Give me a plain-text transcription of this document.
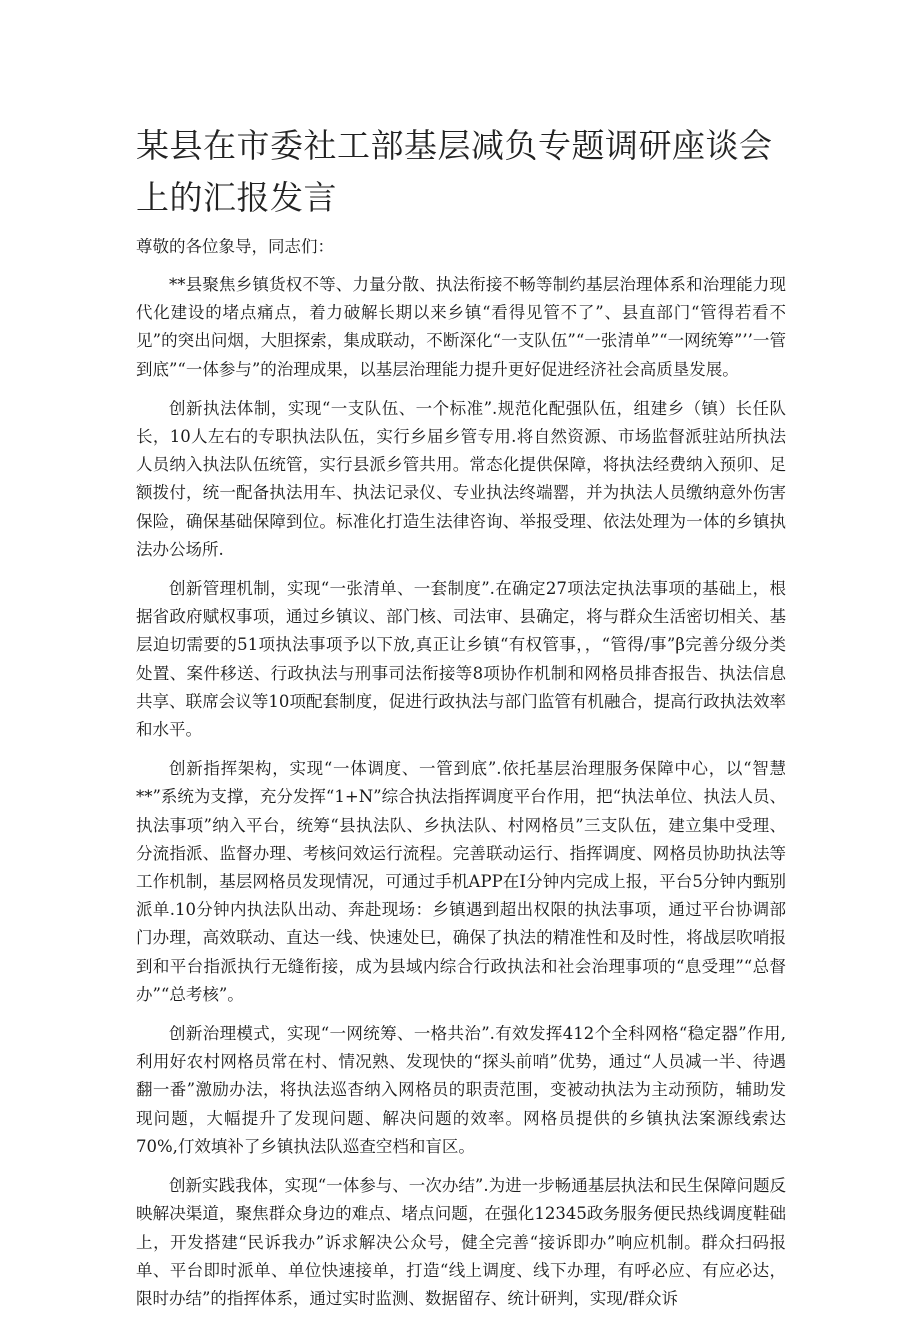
某县在市委社工部基层减负专题调研座谈会上的汇报发言

尊敬的各位象导，同志们：

**县聚焦乡镇货权不等、力量分散、执法衔接不畅等制约基层治理体系和治理能力现代化建设的堵点痛点，着力破解长期以来乡镇“看得见管不了”、县直部门“管得若看不见”的突出问烟，大胆探索，集成联动，不断深化“一支队伍”“一张清单”“一网统筹”’’一管到底”“一体参与”的治理成果，以基层治理能力提升更好促进经济社会高质垦发展。

创新执法体制，实现“一支队伍、一个标准”.规范化配强队伍，组建乡（镇）长任队长，10人左右的专职执法队伍，实行乡届乡管专用.将自然资源、市场监督派驻站所执法人员纳入执法队伍统管，实行县派乡管共用。常态化提供保障，将执法经费纳入预卯、足额拨付，统一配备执法用车、执法记录仪、专业执法终端罂，并为执法人员缴纳意外伤害保险，确保基础保障到位。标准化打造生法律咨询、举报受理、依法处理为一体的乡镇执法办公场所.

创新管理机制，实现“一张清单、一套制度”.在确定27项法定执法事项的基础上，根据省政府赋权事项，通过乡镇议、部门核、司法审、县确定，将与群众生活密切相关、基层迫切需要的51项执法事项予以下放,真正让乡镇“有权管事，，“管得/事”β完善分级分类处置、案件移送、行政执法与刑事司法衔接等8项协作机制和网格员排杳报告、执法信息共享、联席会议等10项配套制度，促进行政执法与部门监管有机融合，提高行政执法效率和水平。

创新指挥架构，实现“一体调度、一管到底”.依托基层治理服务保障中心，以“智慧**”系统为支撑，充分发挥“1+N”综合执法指挥调度平台作用，把“执法单位、执法人员、执法事项”纳入平台，统筹“县执法队、乡执法队、村网格员”三支队伍，建立集中受理、分流指派、监督办理、考核问效运行流程。完善联动运行、指挥调度、网格员协助执法等工作机制，基层网格员发现情况，可通过手机APP在I分钟内完成上报，平台5分钟内甄别派单.10分钟内执法队出动、奔赴现场：乡镇遇到超出权限的执法事项，通过平台协调部门办理，高效联动、直达一线、快速处巳，确保了执法的精准性和及时性，将战层吹哨报到和平台指派执行无缝衔接，成为县域内综合行政执法和社会治理事项的“息受理”“总督办”“总考核”。

创新治理模式，实现“一网统筹、一格共治”.有效发挥412个全科网格“稳定器”作用,利用好农村网格员常在村、情况熟、发现快的“探头前哨”优势，通过“人员减一半、待遇翻一番”激励办法，将执法巡杳纳入网格员的职责范围，变被动执法为主动预防，辅助发现问题，大幅提升了发现问题、解决问题的效率。网格员提供的乡镇执法案源线索达70%,仃效填补了乡镇执法队巡查空档和盲区。

创新实践我体，实现“一体参与、一次办结”.为进一步畅通基层执法和民生保障问题反映解决渠道，聚焦群众身边的难点、堵点问题，在强化12345政务服务便民热线调度鞋础上，开发搭建“民诉我办”诉求解决公众号，健全完善“接诉即办”响应机制。群众扫码报单、平台即时派单、单位快速接单，打造“线上调度、线下办理，有呼必应、有应必达，限时办结”的指挥体系，通过实时监测、数据留存、统计研判，实现/群众诉
